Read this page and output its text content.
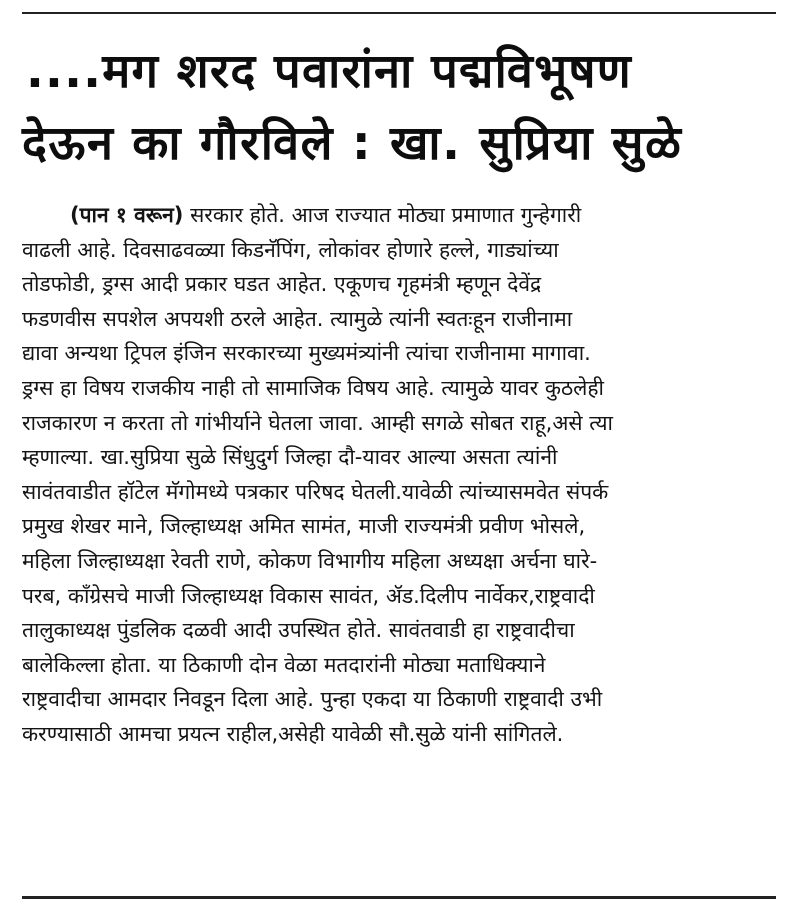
....मग शरद पवारांना पद्मविभूषण
देऊन का गौरविले : खा. सुप्रिया सुळे
(पान १ वरून) सरकार होते. आज राज्यात मोठ्या प्रमाणात गुन्हेगारी
वाढली आहे. दिवसाढवळ्या किडनॅपिंग, लोकांवर होणारे हल्ले, गाड्यांच्या
तोडफोडी, ड्रग्स आदी प्रकार घडत आहेत. एकूणच गृहमंत्री म्हणून देवेंद्र
फडणवीस सपशेल अपयशी ठरले आहेत. त्यामुळे त्यांनी स्वतःहून राजीनामा
द्यावा अन्यथा ट्रिपल इंजिन सरकारच्या मुख्यमंत्र्यांनी त्यांचा राजीनामा मागावा.
ड्रग्स हा विषय राजकीय नाही तो सामाजिक विषय आहे. त्यामुळे यावर कुठलेही
राजकारण न करता तो गांभीर्याने घेतला जावा. आम्ही सगळे सोबत राहू,असे त्या
म्हणाल्या. खा.सुप्रिया सुळे सिंधुदुर्ग जिल्हा दौ-यावर आल्या असता त्यांनी
सावंतवाडीत हॉटेल मॅगोमध्ये पत्रकार परिषद घेतली.यावेळी त्यांच्यासमवेत संपर्क
प्रमुख शेखर माने, जिल्हाध्यक्ष अमित सामंत, माजी राज्यमंत्री प्रवीण भोसले,
महिला जिल्हाध्यक्षा रेवती राणे, कोकण विभागीय महिला अध्यक्षा अर्चना घारे-
परब, काँग्रेसचे माजी जिल्हाध्यक्ष विकास सावंत, ॲड.दिलीप नार्वेकर,राष्ट्रवादी
तालुकाध्यक्ष पुंडलिक दळवी आदी उपस्थित होते. सावंतवाडी हा राष्ट्रवादीचा
बालेकिल्ला होता. या ठिकाणी दोन वेळा मतदारांनी मोठ्या मताधिक्याने
राष्ट्रवादीचा आमदार निवडून दिला आहे. पुन्हा एकदा या ठिकाणी राष्ट्रवादी उभी
करण्यासाठी आमचा प्रयत्न राहील,असेही यावेळी सौ.सुळे यांनी सांगितले.
